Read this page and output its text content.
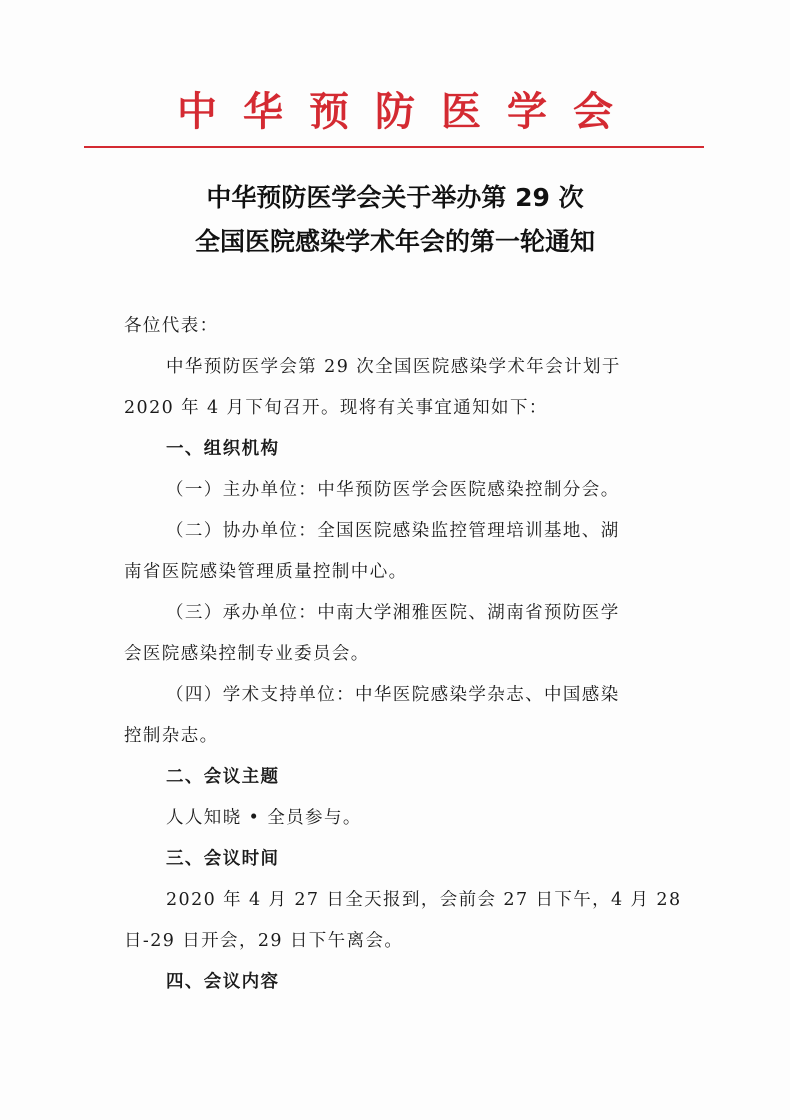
中华预防医学会
中华预防医学会关于举办第 29 次
全国医院感染学术年会的第一轮通知

各位代表：

中华预防医学会第 29 次全国医院感染学术年会计划于

2020 年 4 月下旬召开。现将有关事宜通知如下：

一、组织机构

（一）主办单位：中华预防医学会医院感染控制分会。

（二）协办单位：全国医院感染监控管理培训基地、湖

南省医院感染管理质量控制中心。

（三）承办单位：中南大学湘雅医院、湖南省预防医学

会医院感染控制专业委员会。

（四）学术支持单位：中华医院感染学杂志、中国感染

控制杂志。

二、会议主题

人人知晓 • 全员参与。

三、会议时间

2020 年 4 月 27 日全天报到，会前会 27 日下午，4 月 28

日-29 日开会，29 日下午离会。

四、会议内容
